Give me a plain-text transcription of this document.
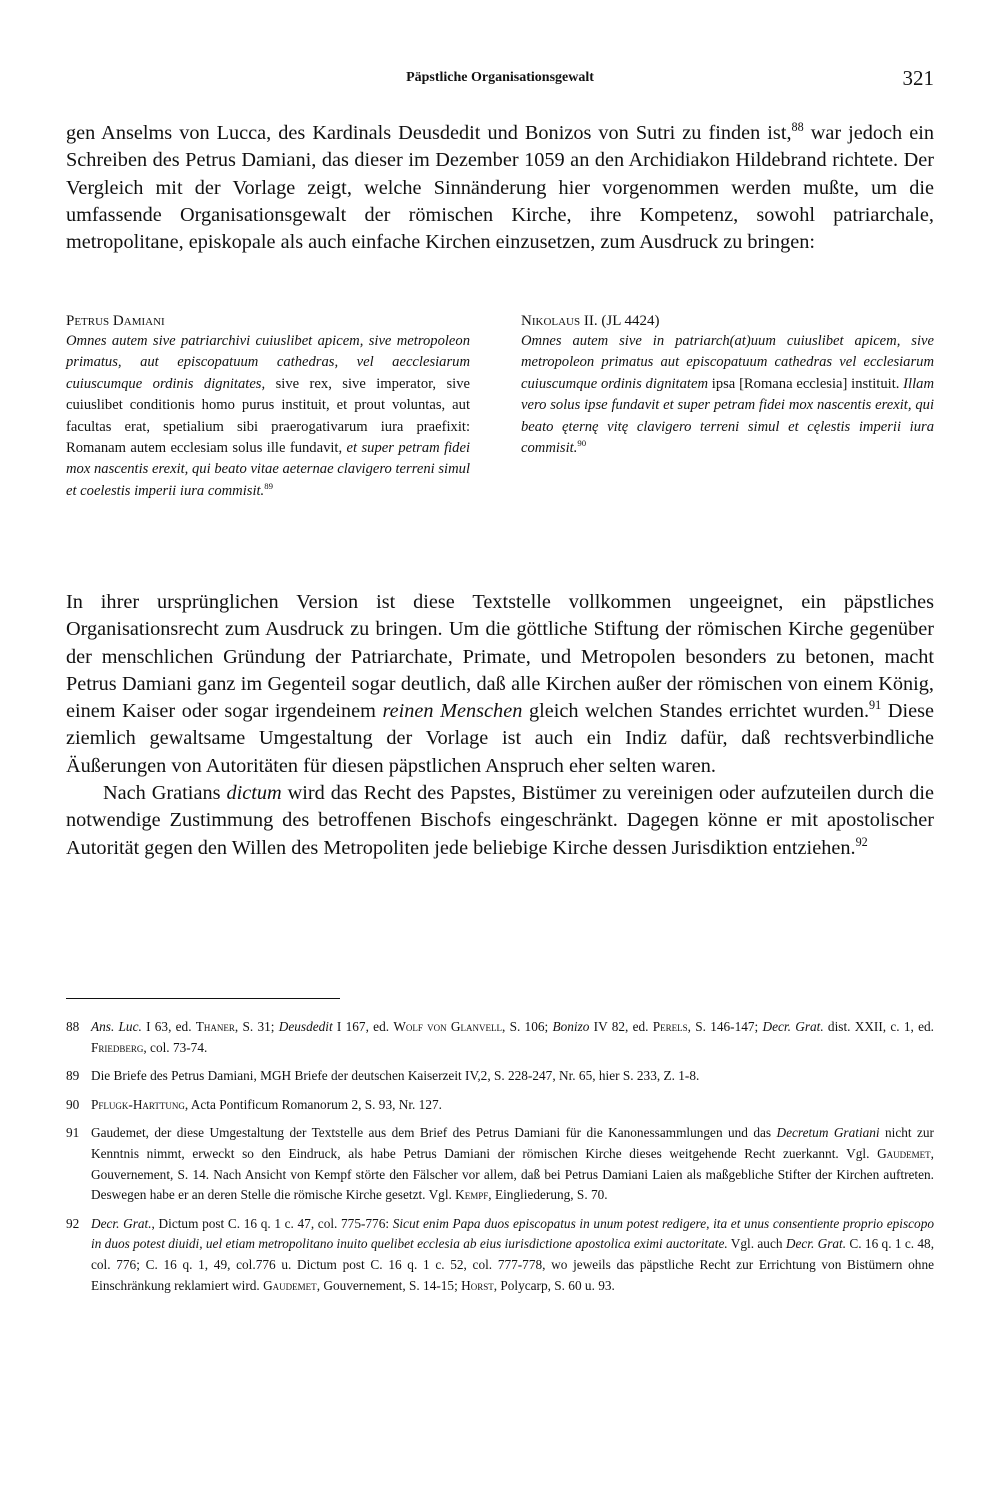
Päpstliche Organisationsgewalt	321

gen Anselms von Lucca, des Kardinals Deusdedit und Bonizos von Sutri zu finden ist,$^{88}$ war jedoch ein Schreiben des Petrus Damiani, das dieser im Dezember 1059 an den Archidiakon Hildebrand richtete. Der Vergleich mit der Vorlage zeigt, welche Sinnänderung hier vorgenommen werden mußte, um die umfassende Organisationsgewalt der römischen Kirche, ihre Kompetenz, sowohl patriarchale, metropolitane, episkopale als auch einfache Kirchen einzusetzen, zum Ausdruck zu bringen:

Petrus Damiani
Omnes autem sive patriarchivi cuiuslibet apicem, sive metropoleon primatus, aut episcopatuum cathedras, vel aecclesiarum cuiuscumque ordinis dignitates, sive rex, sive imperator, sive cuiuslibet conditionis homo purus instituit, et prout voluntas, aut facultas erat, spetialium sibi praerogativarum iura praefixit: Romanam autem ecclesiam solus ille fundavit, et super petram fidei mox nascentis erexit, qui beato vitae aeternae clavigero terreni simul et coelestis imperii iura commisit.$^{89}$
Nikolaus II. (JL 4424)
Omnes autem sive in patriarch(at)uum cuiuslibet apicem, sive metropoleon primatus aut episcopatuum cathedras vel ecclesiarum cuiuscumque ordinis dignitatem ipsa [Romana ecclesia] instituit. Illam vero solus ipse fundavit et super petram fidei mox nascentis erexit, qui beato ęternę vitę clavigero terreni simul et cęlestis imperii iura commisit.$^{90}$

In ihrer ursprünglichen Version ist diese Textstelle vollkommen ungeeignet, ein päpstliches Organisationsrecht zum Ausdruck zu bringen. Um die göttliche Stiftung der römischen Kirche gegenüber der menschlichen Gründung der Patriarchate, Primate, und Metropolen besonders zu betonen, macht Petrus Damiani ganz im Gegenteil sogar deutlich, daß alle Kirchen außer der römischen von einem König, einem Kaiser oder sogar irgendeinem reinen Menschen gleich welchen Standes errichtet wurden.$^{91}$ Diese ziemlich gewaltsame Umgestaltung der Vorlage ist auch ein Indiz dafür, daß rechtsverbindliche Äußerungen von Autoritäten für diesen päpstlichen Anspruch eher selten waren.

Nach Gratians dictum wird das Recht des Papstes, Bistümer zu vereinigen oder aufzuteilen durch die notwendige Zustimmung des betroffenen Bischofs eingeschränkt. Dagegen könne er mit apostolischer Autorität gegen den Willen des Metropoliten jede beliebige Kirche dessen Jurisdiktion entziehen.$^{92}$

88 Ans. Luc. I 63, ed. Thaner, S. 31; Deusdedit I 167, ed. Wolf von Glanvell, S. 106; Bonizo IV 82, ed. Perels, S. 146-147; Decr. Grat. dist. XXII, c. 1, ed. Friedberg, col. 73-74.
89 Die Briefe des Petrus Damiani, MGH Briefe der deutschen Kaiserzeit IV,2, S. 228-247, Nr. 65, hier S. 233, Z. 1-8.
90 Pflugk-Harttung, Acta Pontificum Romanorum 2, S. 93, Nr. 127.
91 Gaudemet, der diese Umgestaltung der Textstelle aus dem Brief des Petrus Damiani für die Kanonessammlungen und das Decretum Gratiani nicht zur Kenntnis nimmt, erweckt so den Eindruck, als habe Petrus Damiani der römischen Kirche dieses weitgehende Recht zuerkannt. Vgl. Gaudemet, Gouvernement, S. 14. Nach Ansicht von Kempf störte den Fälscher vor allem, daß bei Petrus Damiani Laien als maßgebliche Stifter der Kirchen auftreten. Deswegen habe er an deren Stelle die römische Kirche gesetzt. Vgl. Kempf, Eingliederung, S. 70.
92 Decr. Grat., Dictum post C. 16 q. 1 c. 47, col. 775-776: Sicut enim Papa duos episcopatus in unum potest redigere, ita et unus consentiente proprio episcopo in duos potest diuidi, uel etiam metropolitano inuito quelibet ecclesia ab eius iurisdictione apostolica eximi auctoritate. Vgl. auch Decr. Grat. C. 16 q. 1 c. 48, col. 776; C. 16 q. 1, 49, col.776 u. Dictum post C. 16 q. 1 c. 52, col. 777-778, wo jeweils das päpstliche Recht zur Errichtung von Bistümern ohne Einschränkung reklamiert wird. Gaudemet, Gouvernement, S. 14-15; Horst, Polycarp, S. 60 u. 93.
